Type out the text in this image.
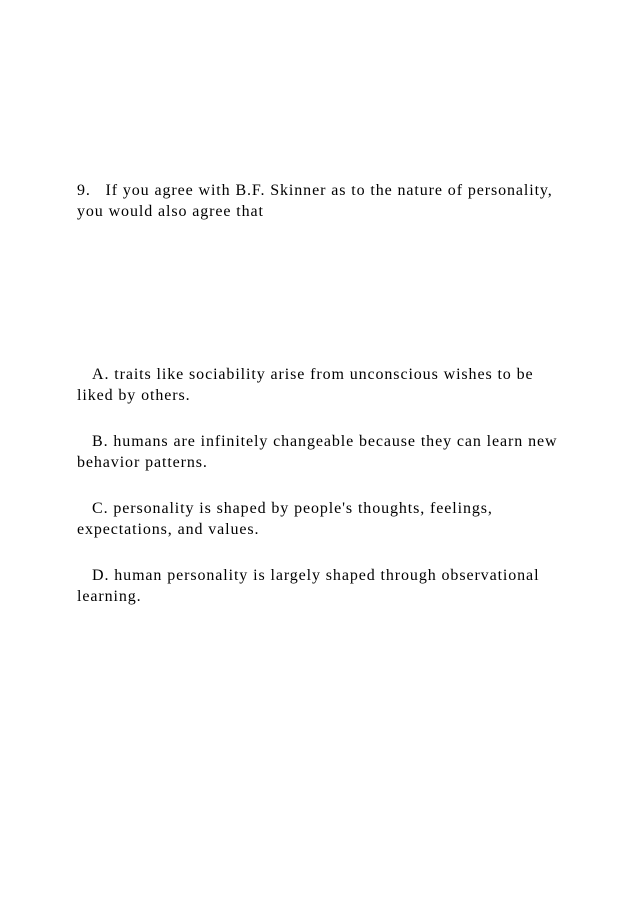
9. If you agree with B.F. Skinner as to the nature of personality, you would also agree that

A. traits like sociability arise from unconscious wishes to be liked by others.

B. humans are infinitely changeable because they can learn new behavior patterns.

C. personality is shaped by people's thoughts, feelings, expectations, and values.

D. human personality is largely shaped through observational learning.
